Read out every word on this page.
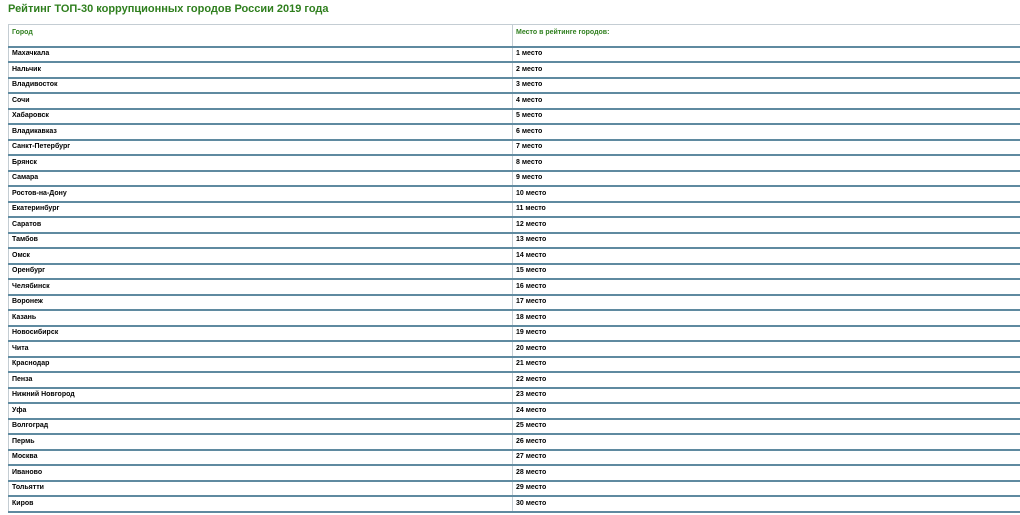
Рейтинг ТОП-30 коррупционных городов России 2019 года
Город	Место в рейтинге городов:
Махачкала	1 место
Нальчик	2 место
Владивосток	3 место
Сочи	4 место
Хабаровск	5 место
Владикавказ	6 место
Санкт-Петербург	7 место
Брянск	8 место
Самара	9 место
Ростов-на-Дону	10 место
Екатеринбург	11 место
Саратов	12 место
Тамбов	13 место
Омск	14 место
Оренбург	15 место
Челябинск	16 место
Воронеж	17 место
Казань	18 место
Новосибирск	19 место
Чита	20 место
Краснодар	21 место
Пенза	22 место
Нижний Новгород	23 место
Уфа	24 место
Волгоград	25 место
Пермь	26 место
Москва	27 место
Иваново	28 место
Тольятти	29 место
Киров	30 место
